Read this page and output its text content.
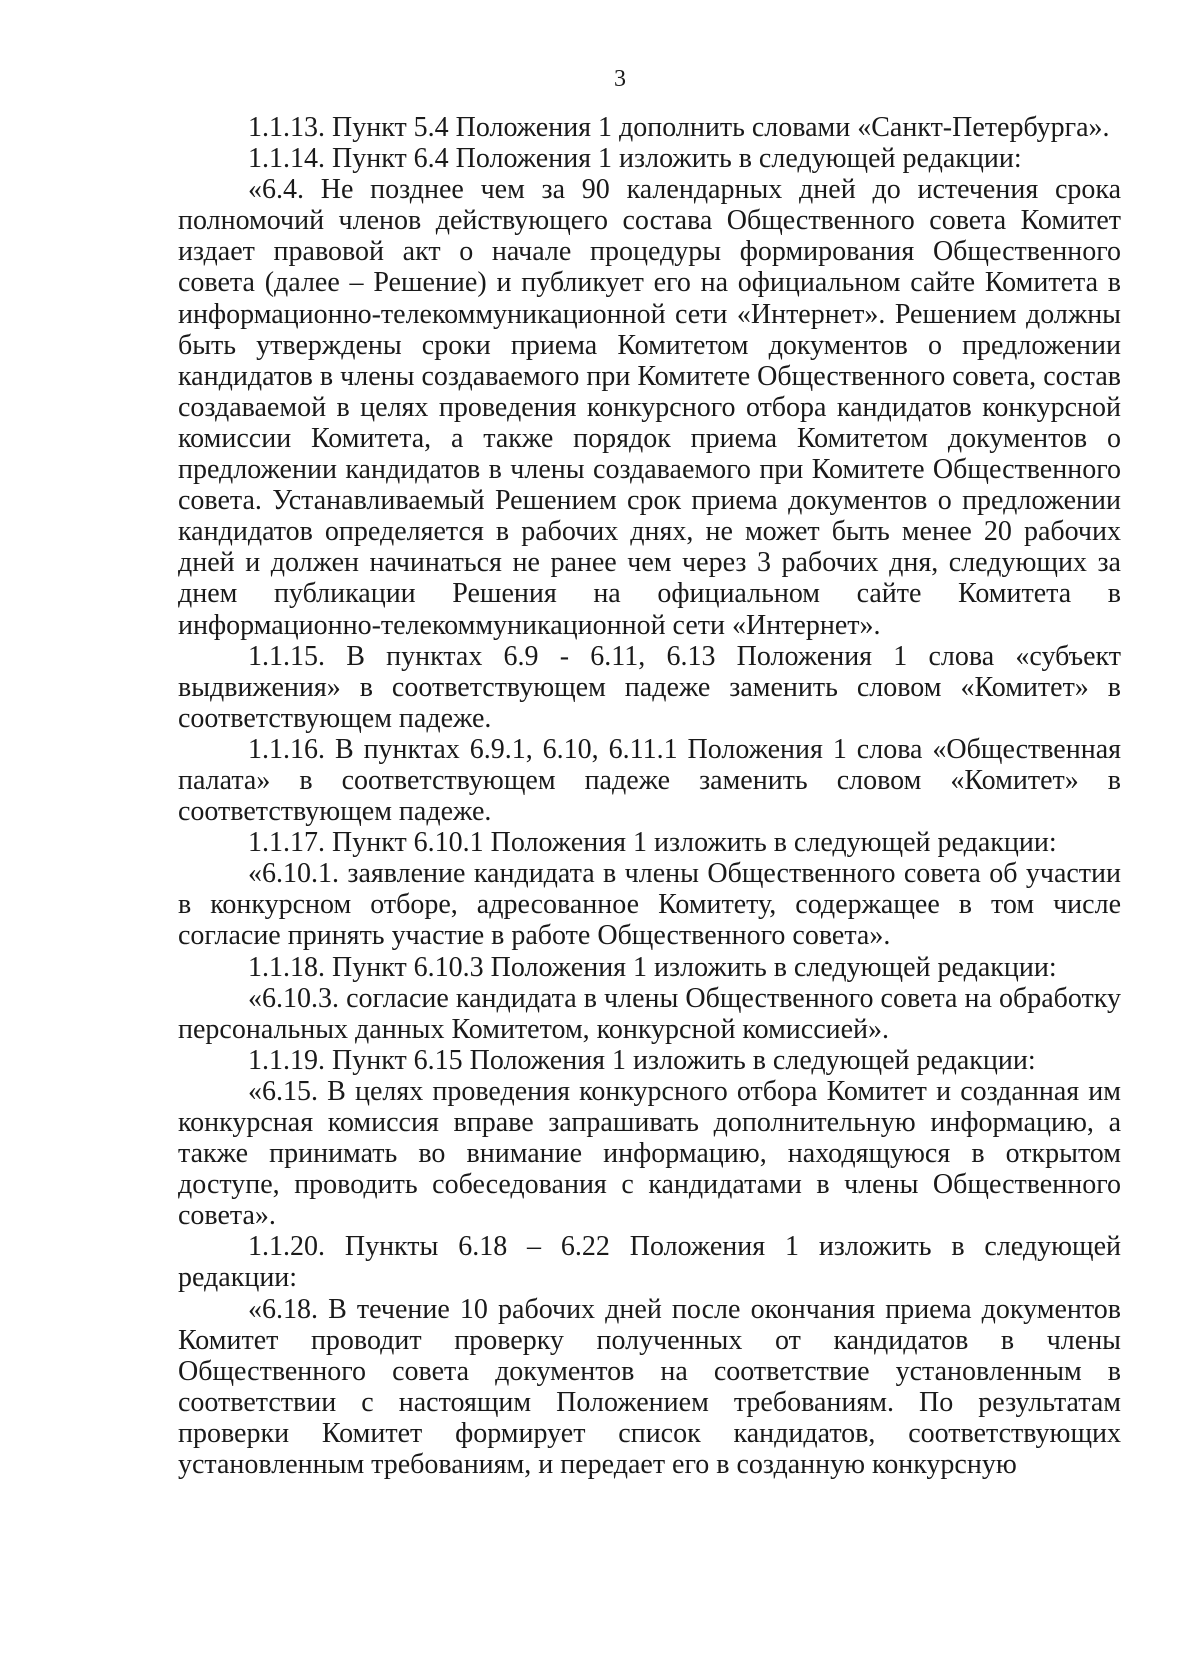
3

1.1.13. Пункт 5.4 Положения 1 дополнить словами «Санкт-Петербурга».

1.1.14. Пункт 6.4 Положения 1 изложить в следующей редакции:

«6.4. Не позднее чем за 90 календарных дней до истечения срока полномочий членов действующего состава Общественного совета Комитет издает правовой акт о начале процедуры формирования Общественного совета (далее – Решение) и публикует его на официальном сайте Комитета в информационно-телекоммуникационной сети «Интернет». Решением должны быть утверждены сроки приема Комитетом документов о предложении кандидатов в члены создаваемого при Комитете Общественного совета, состав создаваемой в целях проведения конкурсного отбора кандидатов конкурсной комиссии Комитета, а также порядок приема Комитетом документов о предложении кандидатов в члены создаваемого при Комитете Общественного совета. Устанавливаемый Решением срок приема документов о предложении кандидатов определяется в рабочих днях, не может быть менее 20 рабочих дней и должен начинаться не ранее чем через 3 рабочих дня, следующих за днем публикации Решения на официальном сайте Комитета в информационно-телекоммуникационной сети «Интернет».

1.1.15. В пунктах 6.9 - 6.11, 6.13 Положения 1 слова «субъект выдвижения» в соответствующем падеже заменить словом «Комитет» в соответствующем падеже.

1.1.16. В пунктах 6.9.1, 6.10, 6.11.1 Положения 1 слова «Общественная палата» в соответствующем падеже заменить словом «Комитет» в соответствующем падеже.

1.1.17. Пункт 6.10.1 Положения 1 изложить в следующей редакции:

«6.10.1. заявление кандидата в члены Общественного совета об участии в конкурсном отборе, адресованное Комитету, содержащее в том числе согласие принять участие в работе Общественного совета».

1.1.18. Пункт 6.10.3 Положения 1 изложить в следующей редакции:

«6.10.3. согласие кандидата в члены Общественного совета на обработку персональных данных Комитетом, конкурсной комиссией».

1.1.19. Пункт 6.15 Положения 1 изложить в следующей редакции:

«6.15. В целях проведения конкурсного отбора Комитет и созданная им конкурсная комиссия вправе запрашивать дополнительную информацию, а также принимать во внимание информацию, находящуюся в открытом доступе, проводить собеседования с кандидатами в члены Общественного совета».

1.1.20. Пункты 6.18 – 6.22 Положения 1 изложить в следующей редакции:

«6.18. В течение 10 рабочих дней после окончания приема документов Комитет проводит проверку полученных от кандидатов в члены Общественного совета документов на соответствие установленным в соответствии с настоящим Положением требованиям. По результатам проверки Комитет формирует список кандидатов, соответствующих установленным требованиям, и передает его в созданную конкурсную
